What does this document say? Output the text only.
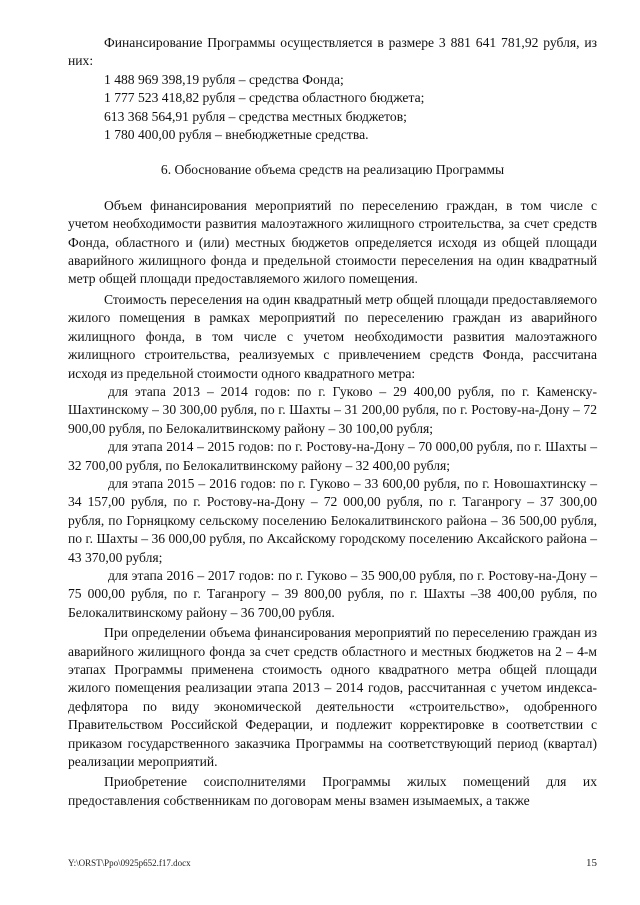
Финансирование Программы осуществляется в размере 3 881 641 781,92 рубля, из них:

1 488 969 398,19 рубля – средства Фонда;

1 777 523 418,82 рубля – средства областного бюджета;

613 368 564,91 рубля – средства местных бюджетов;

1 780 400,00 рубля – внебюджетные средства.

6. Обоснование объема средств на реализацию Программы

Объем финансирования мероприятий по переселению граждан, в том числе с учетом необходимости развития малоэтажного жилищного строительства, за счет средств Фонда, областного и (или) местных бюджетов определяется исходя из общей площади аварийного жилищного фонда и предельной стоимости переселения на один квадратный метр общей площади предоставляемого жилого помещения.

Стоимость переселения на один квадратный метр общей площади предоставляемого жилого помещения в рамках мероприятий по переселению граждан из аварийного жилищного фонда, в том числе с учетом необходимости развития малоэтажного жилищного строительства, реализуемых с привлечением средств Фонда, рассчитана исходя из предельной стоимости одного квадратного метра:

для этапа 2013 – 2014 годов: по г. Гуково – 29 400,00 рубля, по г. Каменску-Шахтинскому – 30 300,00 рубля, по г. Шахты – 31 200,00 рубля, по г. Ростову-на-Дону – 72 900,00 рубля, по Белокалитвинскому району – 30 100,00 рубля;

для этапа 2014 – 2015 годов: по г. Ростову-на-Дону – 70 000,00 рубля, по г. Шахты – 32 700,00 рубля, по Белокалитвинскому району – 32 400,00 рубля;

для этапа 2015 – 2016 годов: по г. Гуково – 33 600,00 рубля, по г. Новошахтинску – 34 157,00 рубля, по г. Ростову-на-Дону – 72 000,00 рубля, по г. Таганрогу – 37 300,00 рубля, по Горняцкому сельскому поселению Белокалитвинского района – 36 500,00 рубля, по г. Шахты – 36 000,00 рубля, по Аксайскому городскому поселению Аксайского района – 43 370,00 рубля;

для этапа 2016 – 2017 годов: по г. Гуково – 35 900,00 рубля, по г. Ростову-на-Дону – 75 000,00 рубля, по г. Таганрогу – 39 800,00 рубля, по г. Шахты –38 400,00 рубля, по Белокалитвинскому району – 36 700,00 рубля.

При определении объема финансирования мероприятий по переселению граждан из аварийного жилищного фонда за счет средств областного и местных бюджетов на 2 – 4-м этапах Программы применена стоимость одного квадратного метра общей площади жилого помещения реализации этапа 2013 – 2014 годов, рассчитанная с учетом индекса-дефлятора по виду экономической деятельности «строительство», одобренного Правительством Российской Федерации, и подлежит корректировке в соответствии с приказом государственного заказчика Программы на соответствующий период (квартал) реализации мероприятий.

Приобретение соисполнителями Программы жилых помещений для их предоставления собственникам по договорам мены взамен изымаемых, а также

Y:\ORST\Ppo\0925p652.f17.docx	15
